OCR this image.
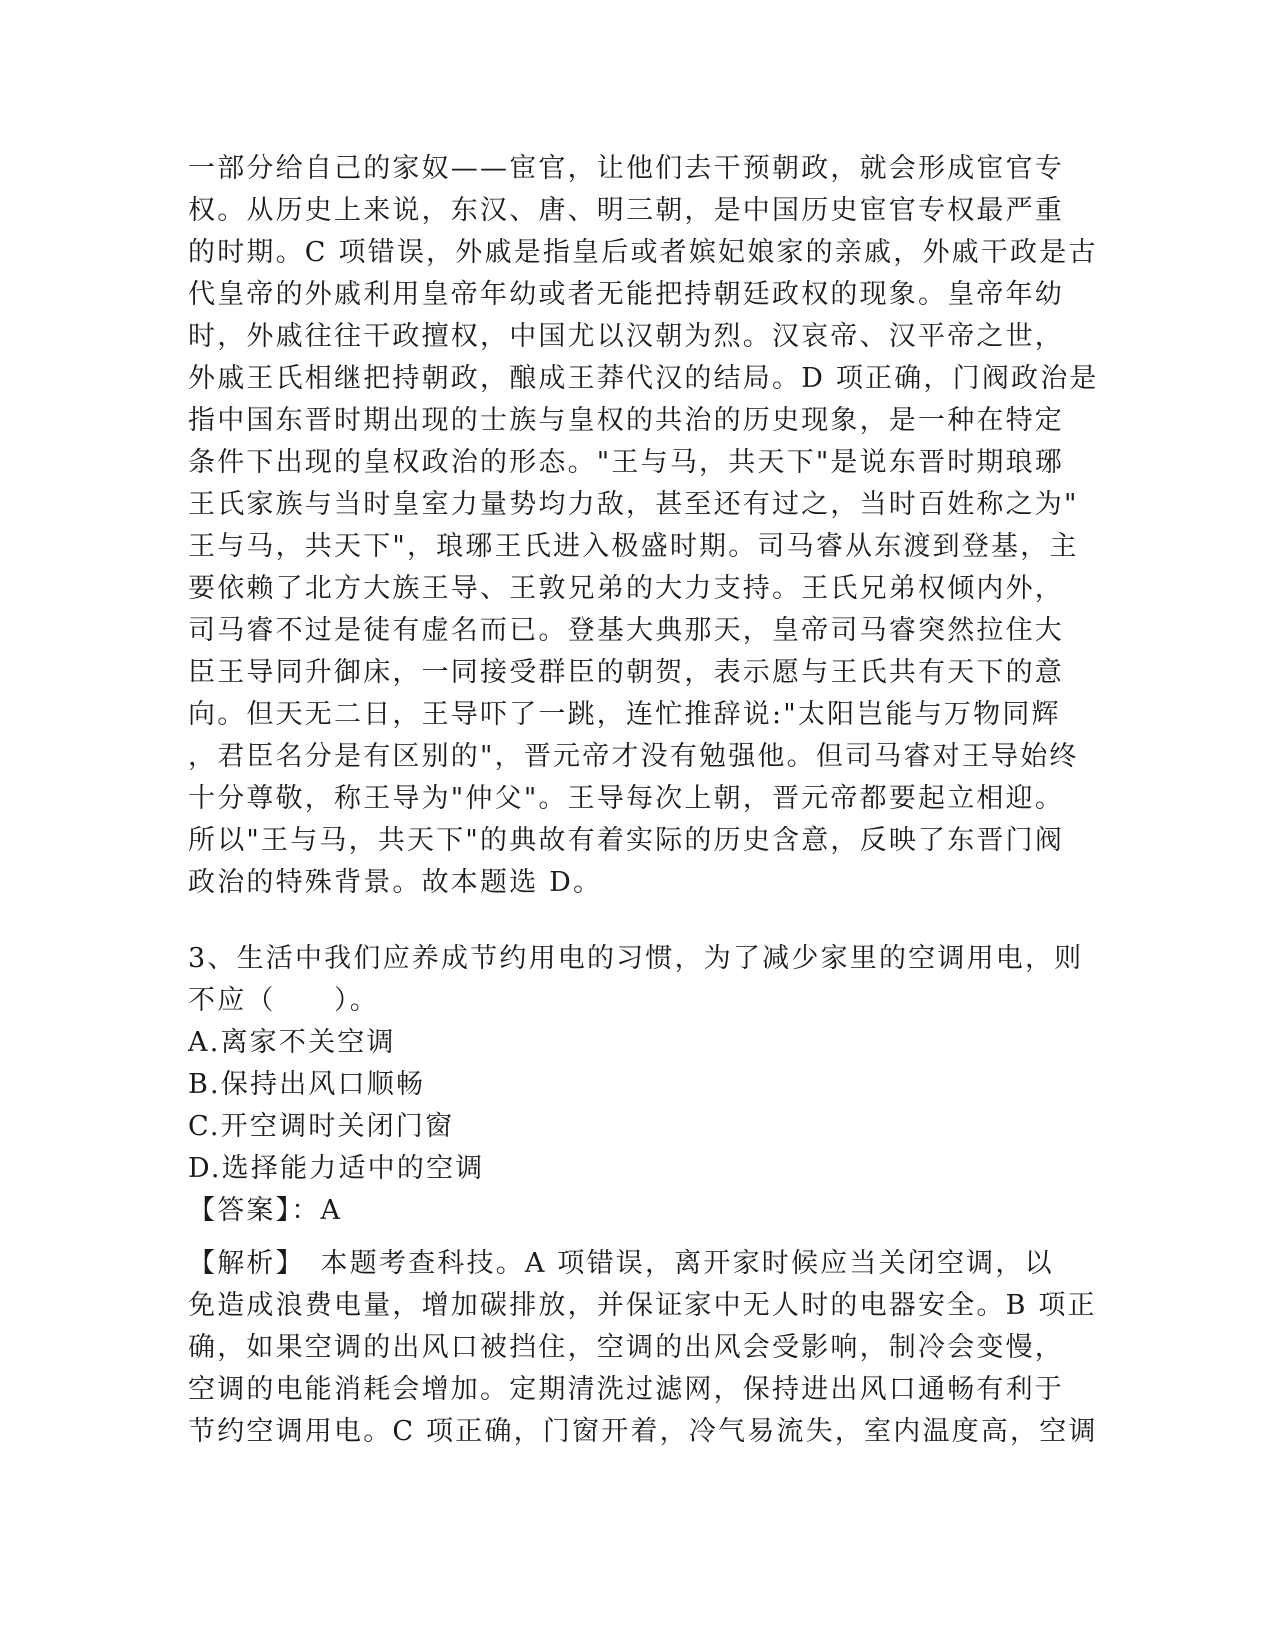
一部分给自己的家奴——宦官，让他们去干预朝政，就会形成宦官专
权。从历史上来说，东汉、唐、明三朝，是中国历史宦官专权最严重
的时期。C 项错误，外戚是指皇后或者嫔妃娘家的亲戚，外戚干政是古
代皇帝的外戚利用皇帝年幼或者无能把持朝廷政权的现象。皇帝年幼
时，外戚往往干政擅权，中国尤以汉朝为烈。汉哀帝、汉平帝之世，
外戚王氏相继把持朝政，酿成王莽代汉的结局。D 项正确，门阀政治是
指中国东晋时期出现的士族与皇权的共治的历史现象，是一种在特定
条件下出现的皇权政治的形态。"王与马，共天下"是说东晋时期琅琊
王氏家族与当时皇室力量势均力敌，甚至还有过之，当时百姓称之为"
王与马，共天下"，琅琊王氏进入极盛时期。司马睿从东渡到登基，主
要依赖了北方大族王导、王敦兄弟的大力支持。王氏兄弟权倾内外，
司马睿不过是徒有虚名而已。登基大典那天，皇帝司马睿突然拉住大
臣王导同升御床，一同接受群臣的朝贺，表示愿与王氏共有天下的意
向。但天无二日，王导吓了一跳，连忙推辞说:"太阳岂能与万物同辉
，君臣名分是有区别的"，晋元帝才没有勉强他。但司马睿对王导始终
十分尊敬，称王导为"仲父"。王导每次上朝，晋元帝都要起立相迎。
所以"王与马，共天下"的典故有着实际的历史含意，反映了东晋门阀
政治的特殊背景。故本题选 D。
3、生活中我们应养成节约用电的习惯，为了减少家里的空调用电，则
不应（　　）。
A.离家不关空调
B.保持出风口顺畅
C.开空调时关闭门窗
D.选择能力适中的空调
【答案】：A
【解析】　本题考查科技。A 项错误，离开家时候应当关闭空调，以
免造成浪费电量，增加碳排放，并保证家中无人时的电器安全。B 项正
确，如果空调的出风口被挡住，空调的出风会受影响，制冷会变慢，
空调的电能消耗会增加。定期清洗过滤网，保持进出风口通畅有利于
节约空调用电。C 项正确，门窗开着，冷气易流失，室内温度高，空调
